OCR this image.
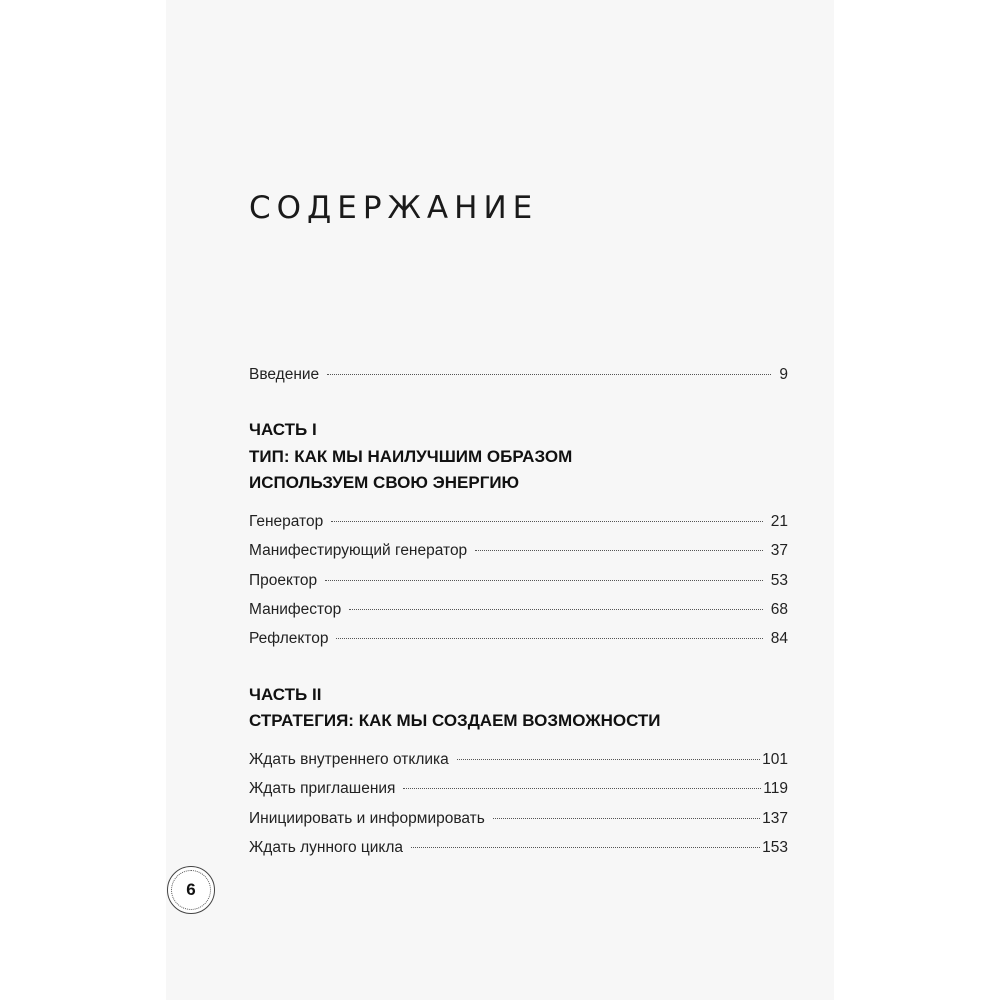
СОДЕРЖАНИЕ
Введение	9

ЧАСТЬ I

ТИП: КАК МЫ НАИЛУЧШИМ ОБРАЗОМ

ИСПОЛЬЗУЕМ СВОЮ ЭНЕРГИЮ

Генератор	21
Манифестирующий генератор	37
Проектор	53
Манифестор	68
Рефлектор	84

ЧАСТЬ II

СТРАТЕГИЯ: КАК МЫ СОЗДАЕМ ВОЗМОЖНОСТИ

Ждать внутреннего отклика	101
Ждать приглашения	119
Инициировать и информировать	137
Ждать лунного цикла	153
6
